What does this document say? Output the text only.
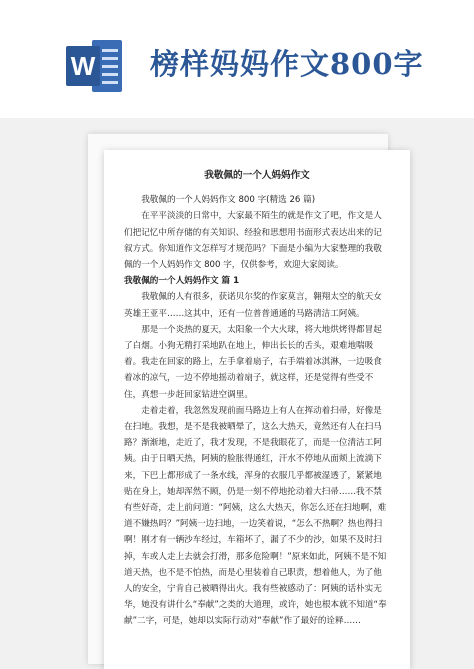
W 榜样妈妈作文800字
我敬佩的一个人妈妈作文

我敬佩的一个人妈妈作文 800 字(精选 26 篇)

在平平淡淡的日常中，大家最不陌生的就是作文了吧，作文是人们把记忆中所存储的有关知识、经验和思想用书面形式表达出来的记叙方式。你知道作文怎样写才规范吗？下面是小编为大家整理的我敬佩的一个人妈妈作文 800 字，仅供参考，欢迎大家阅读。

我敬佩的一个人妈妈作文 篇 1

我敬佩的人有很多，获诺贝尔奖的作家莫言，翱翔太空的航天女英雄王亚平……这其中，还有一位普普通通的马路清洁工阿姨。

那是一个炎热的夏天，太阳象一个大火球，将大地烘烤得都冒起了白烟。小狗无精打采地趴在地上，伸出长长的舌头，艰难地喘吸着。我走在回家的路上，左手拿着扇子，右手端着冰淇淋，一边吸食着冰的凉气，一边不停地摇动着扇子，就这样，还是觉得有些受不住，真想一步赶回家钻进空调里。

走着走着，我忽然发现前面马路边上有人在挥动着扫帚，好像是在扫地。我想，是不是我被晒晕了，这么大热天，竟然还有人在扫马路？渐渐地，走近了，我才发现，不是我眼花了，而是一位清洁工阿姨。由于日晒天热，阿姨的脸胀得通红，汗水不停地从面颊上流淌下来，下巴上都形成了一条水线，浑身的衣服几乎都被湿透了，紧紧地贴在身上，她却浑然不顾，仍是一刻不停地抡动着大扫帚……我不禁有些好奇，走上前问道：“阿姨，这么大热天，你怎么还在扫地啊，难道不嫌热吗？”阿姨一边扫地，一边笑着说，“怎么不热啊？热也得扫啊！刚才有一辆沙车经过，车箱坏了，漏了不少的沙，如果不及时扫掉，车或人走上去就会打滑，那多危险啊！”原来如此，阿姨不是不知道天热，也不是不怕热，而是心里装着自己职责，想着他人，为了他人的安全，宁肯自己被晒得出火。我有些被感动了：阿姨的话朴实无华，她没有讲什么“奉献”之类的大道理，或许，她也根本就不知道“奉献”二字，可是，她却以实际行动对“奉献”作了最好的诠释……
